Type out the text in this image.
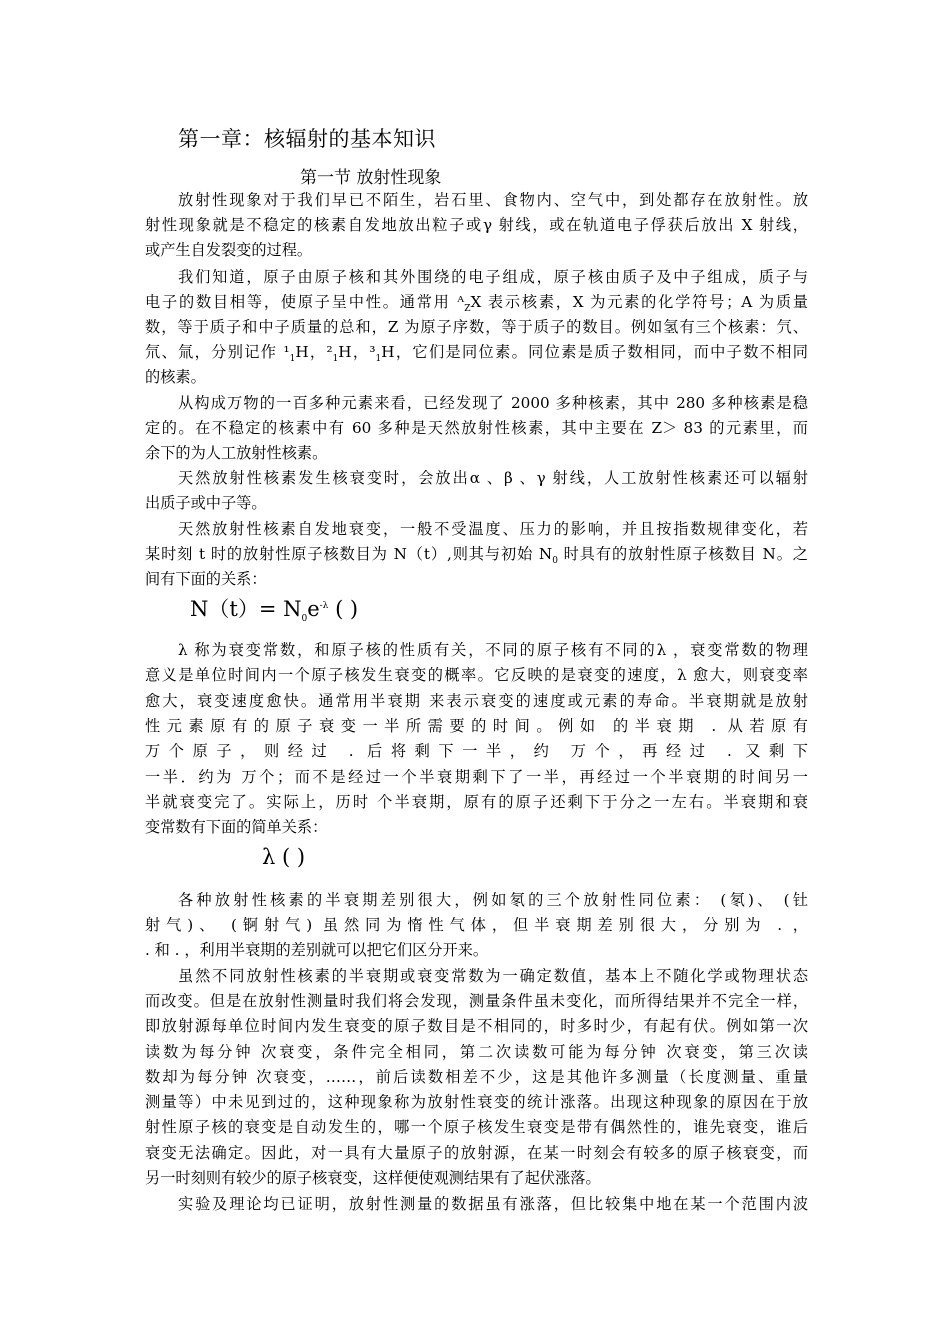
第一章：核辐射的基本知识
第一节 放射性现象
放射性现象对于我们早已不陌生，岩石里、食物内、空气中，到处都存在放射性。放
射性现象就是不稳定的核素自发地放出粒子或γ 射线，或在轨道电子俘获后放出 X 射线，
或产生自发裂变的过程。
我们知道，原子由原子核和其外围绕的电子组成，原子核由质子及中子组成，质子与
电子的数目相等，使原子呈中性。通常用 ᴬ$_Z$X 表示核素，X 为元素的化学符号；A 为质量
数，等于质子和中子质量的总和，Z 为原子序数，等于质子的数目。例如氢有三个核素：氕、
氘、氚，分别记作 $^1_1H$，$^2_1H$，$^3_1H$，它们是同位素。同位素是质子数相同，而中子数不相同
的核素。
从构成万物的一百多种元素来看，已经发现了 2000 多种核素，其中 280 多种核素是稳
定的。在不稳定的核素中有 60 多种是天然放射性核素，其中主要在 Z＞ 83 的元素里，而
余下的为人工放射性核素。
天然放射性核素发生核衰变时，会放出α 、β 、γ 射线，人工放射性核素还可以辐射
出质子或中子等。
天然放射性核素自发地衰变，一般不受温度、压力的影响，并且按指数规律变化，若
某时刻 t 时的放射性原子核数目为 N（t）,则其与初始 $N_0$ 时具有的放射性原子核数目 N。之
间有下面的关系：
λ 称为衰变常数，和原子核的性质有关，不同的原子核有不同的λ ，衰变常数的物理
意义是单位时间内一个原子核发生衰变的概率。它反映的是衰变的速度，λ 愈大，则衰变率
愈大，衰变速度愈快。通常用半衰期 来表示衰变的速度或元素的寿命。半衰期就是放射
性元素原有的原子衰变一半所需要的时间。例如 的半衰期 . 从若原有
万个原子，则经过 . 后将剩下一半，约 万个，再经过 . 又剩下
一半．约为 万个；而不是经过一个半衰期剩下了一半，再经过一个半衰期的时间另一
半就衰变完了。实际上，历时 个半衰期，原有的原子还剩下于分之一左右。半衰期和衰
变常数有下面的简单关系：
各种放射性核素的半衰期差别很大，例如氡的三个放射性同位素： (氡)、 (钍
射气)、 (锕射气) 虽然同为惰性气体，但半衰期差别很大，分别为 . ，
. 和 . ，利用半衰期的差别就可以把它们区分开来。
虽然不同放射性核素的半衰期或衰变常数为一确定数值，基本上不随化学或物理状态
而改变。但是在放射性测量时我们将会发现，测量条件虽未变化，而所得结果并不完全一样，
即放射源每单位时间内发生衰变的原子数目是不相同的，时多时少，有起有伏。例如第一次
读数为每分钟 次衰变，条件完全相同，第二次读数可能为每分钟 次衰变，第三次读
数却为每分钟 次衰变，……，前后读数相差不少，这是其他许多测量（长度测量、重量
测量等）中未见到过的，这种现象称为放射性衰变的统计涨落。出现这种现象的原因在于放
射性原子核的衰变是自动发生的，哪一个原子核发生衰变是带有偶然性的，谁先衰变，谁后
衰变无法确定。因此，对一具有大量原子的放射源，在某一时刻会有较多的原子核衰变，而
另一时刻则有较少的原子核衰变，这样便使观测结果有了起伏涨落。
实验及理论均已证明，放射性测量的数据虽有涨落，但比较集中地在某一个范围内波
$N(t)= N_0e^{-\lambda}$ ( )
λ ( )
